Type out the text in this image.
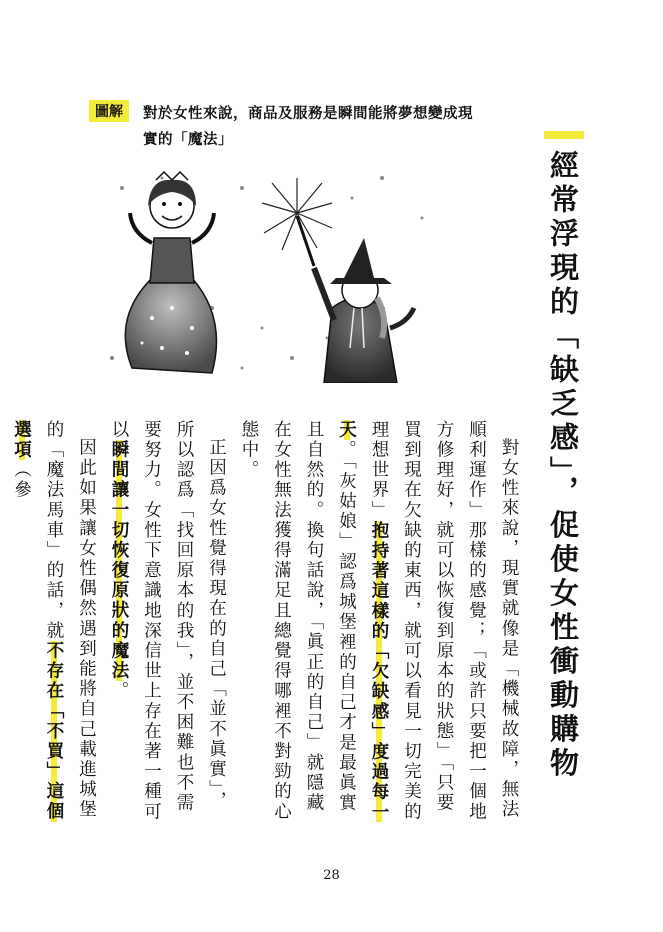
圖解	對於女性來說，商品及服務是瞬間能將夢想變成現實的「魔法」
經常浮現的「缺乏感」，促使女性衝動購物

對女性來說，現實就像是「機械故障，無法順利運作」那樣的感覺；「或許只要把一個地方修理好，就可以恢復到原本的狀態」「只要買到現在欠缺的東西，就可以看見一切完美的理想世界」抱持著這樣的「欠缺感」度過每一天。「灰姑娘」認爲城堡裡的自己才是最眞實且自然的。換句話說，「眞正的自己」就隱藏在女性無法獲得滿足且總覺得哪裡不對勁的心態中。

正因爲女性覺得現在的自己「並不眞實」，所以認爲「找回原本的我」，並不困難也不需要努力。女性下意識地深信世上存在著一種可以瞬間讓一切恢復原狀的魔法。

因此如果讓女性偶然遇到能將自己載進城堡的「魔法馬車」的話，就不存在「不買」這個選項（參

28
